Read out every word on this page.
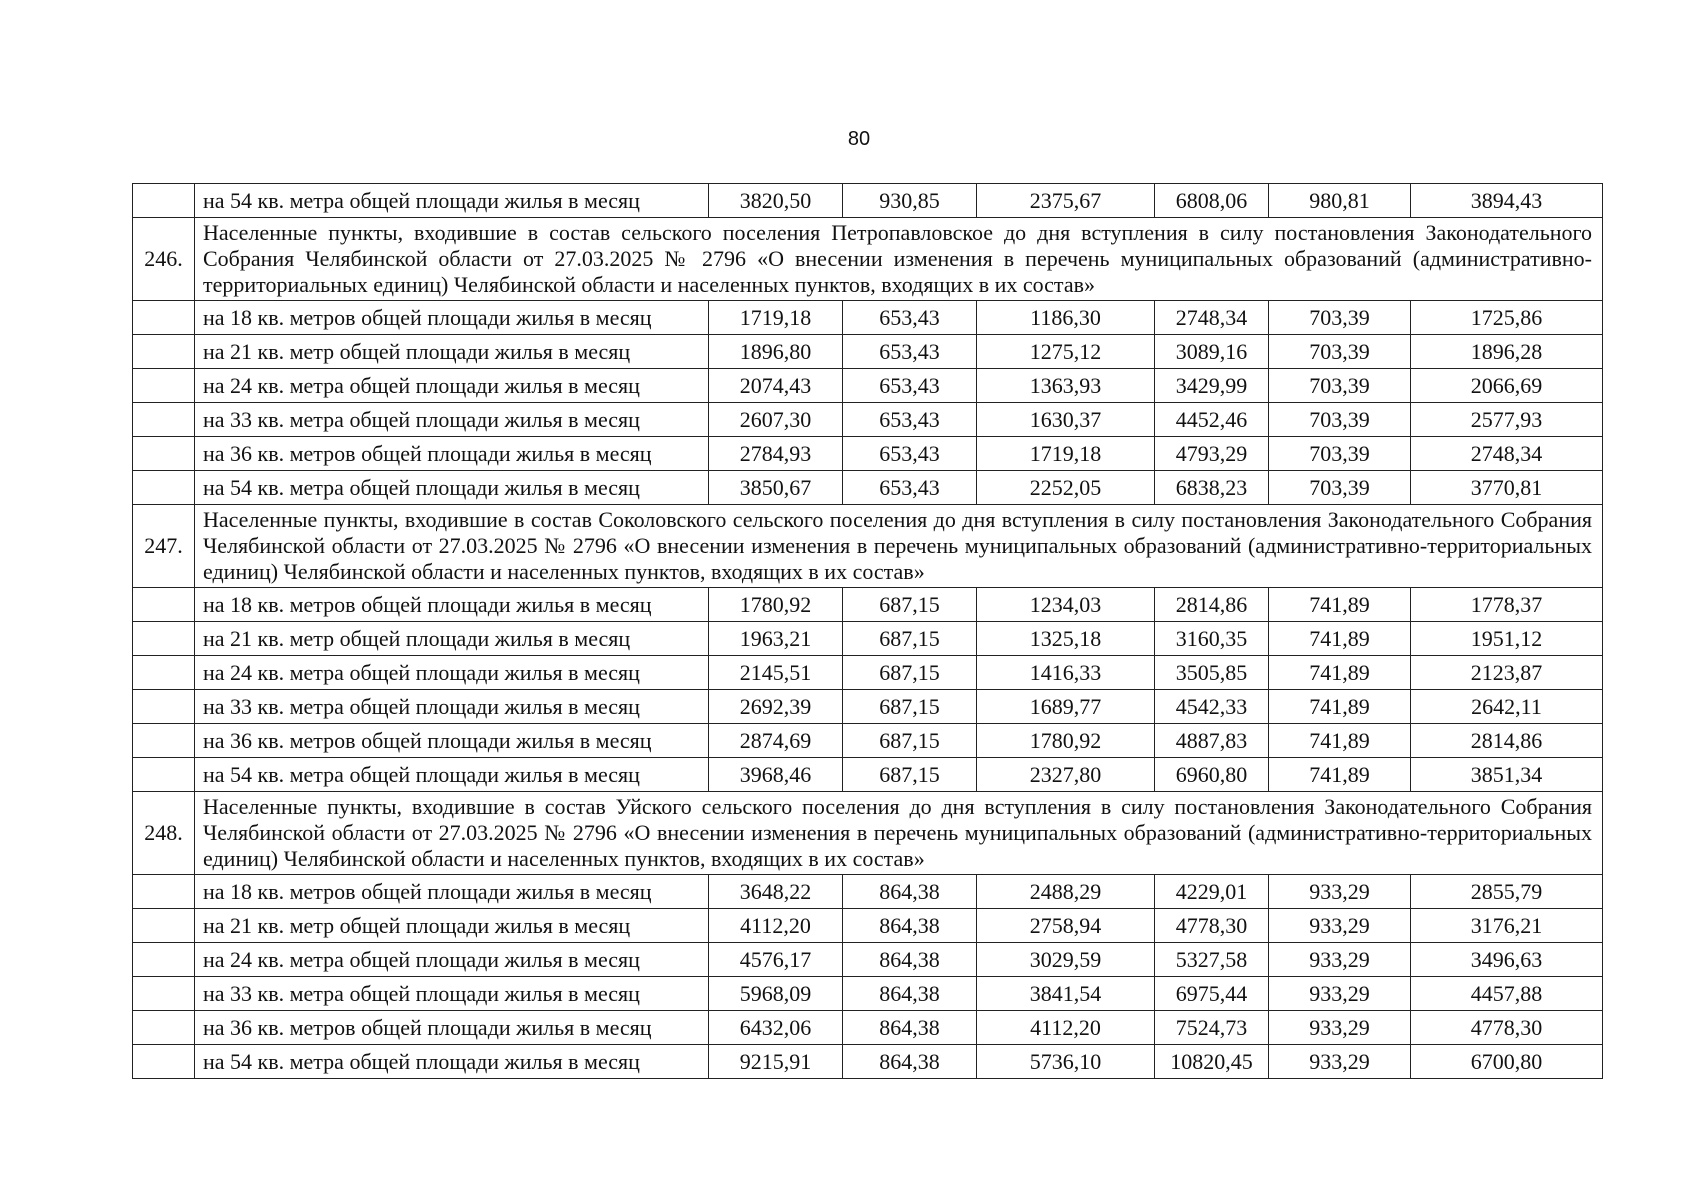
80
	на 54 кв. метра общей площади жилья в месяц	3820,50	930,85	2375,67	6808,06	980,81	3894,43
246.	Населенные пункты, входившие в состав сельского поселения Петропавловское до дня вступления в силу постановления Законодательного Собрания Челябинской области от 27.03.2025 № 2796 «О внесении изменения в перечень муниципальных образований (административно-территориальных единиц) Челябинской области и населенных пунктов, входящих в их состав»						
	на 18 кв. метров общей площади жилья в месяц	1719,18	653,43	1186,30	2748,34	703,39	1725,86
	на 21 кв. метр общей площади жилья в месяц	1896,80	653,43	1275,12	3089,16	703,39	1896,28
	на 24 кв. метра общей площади жилья в месяц	2074,43	653,43	1363,93	3429,99	703,39	2066,69
	на 33 кв. метра общей площади жилья в месяц	2607,30	653,43	1630,37	4452,46	703,39	2577,93
	на 36 кв. метров общей площади жилья в месяц	2784,93	653,43	1719,18	4793,29	703,39	2748,34
	на 54 кв. метра общей площади жилья в месяц	3850,67	653,43	2252,05	6838,23	703,39	3770,81
247.	Населенные пункты, входившие в состав Соколовского сельского поселения до дня вступления в силу постановления Законодательного Собрания Челябинской области от 27.03.2025 № 2796 «О внесении изменения в перечень муниципальных образований (административно-территориальных единиц) Челябинской области и населенных пунктов, входящих в их состав»						
	на 18 кв. метров общей площади жилья в месяц	1780,92	687,15	1234,03	2814,86	741,89	1778,37
	на 21 кв. метр общей площади жилья в месяц	1963,21	687,15	1325,18	3160,35	741,89	1951,12
	на 24 кв. метра общей площади жилья в месяц	2145,51	687,15	1416,33	3505,85	741,89	2123,87
	на 33 кв. метра общей площади жилья в месяц	2692,39	687,15	1689,77	4542,33	741,89	2642,11
	на 36 кв. метров общей площади жилья в месяц	2874,69	687,15	1780,92	4887,83	741,89	2814,86
	на 54 кв. метра общей площади жилья в месяц	3968,46	687,15	2327,80	6960,80	741,89	3851,34
248.	Населенные пункты, входившие в состав Уйского сельского поселения до дня вступления в силу постановления Законодательного Собрания Челябинской области от 27.03.2025 № 2796 «О внесении изменения в перечень муниципальных образований (административно-территориальных единиц) Челябинской области и населенных пунктов, входящих в их состав»						
	на 18 кв. метров общей площади жилья в месяц	3648,22	864,38	2488,29	4229,01	933,29	2855,79
	на 21 кв. метр общей площади жилья в месяц	4112,20	864,38	2758,94	4778,30	933,29	3176,21
	на 24 кв. метра общей площади жилья в месяц	4576,17	864,38	3029,59	5327,58	933,29	3496,63
	на 33 кв. метра общей площади жилья в месяц	5968,09	864,38	3841,54	6975,44	933,29	4457,88
	на 36 кв. метров общей площади жилья в месяц	6432,06	864,38	4112,20	7524,73	933,29	4778,30
	на 54 кв. метра общей площади жилья в месяц	9215,91	864,38	5736,10	10820,45	933,29	6700,80
